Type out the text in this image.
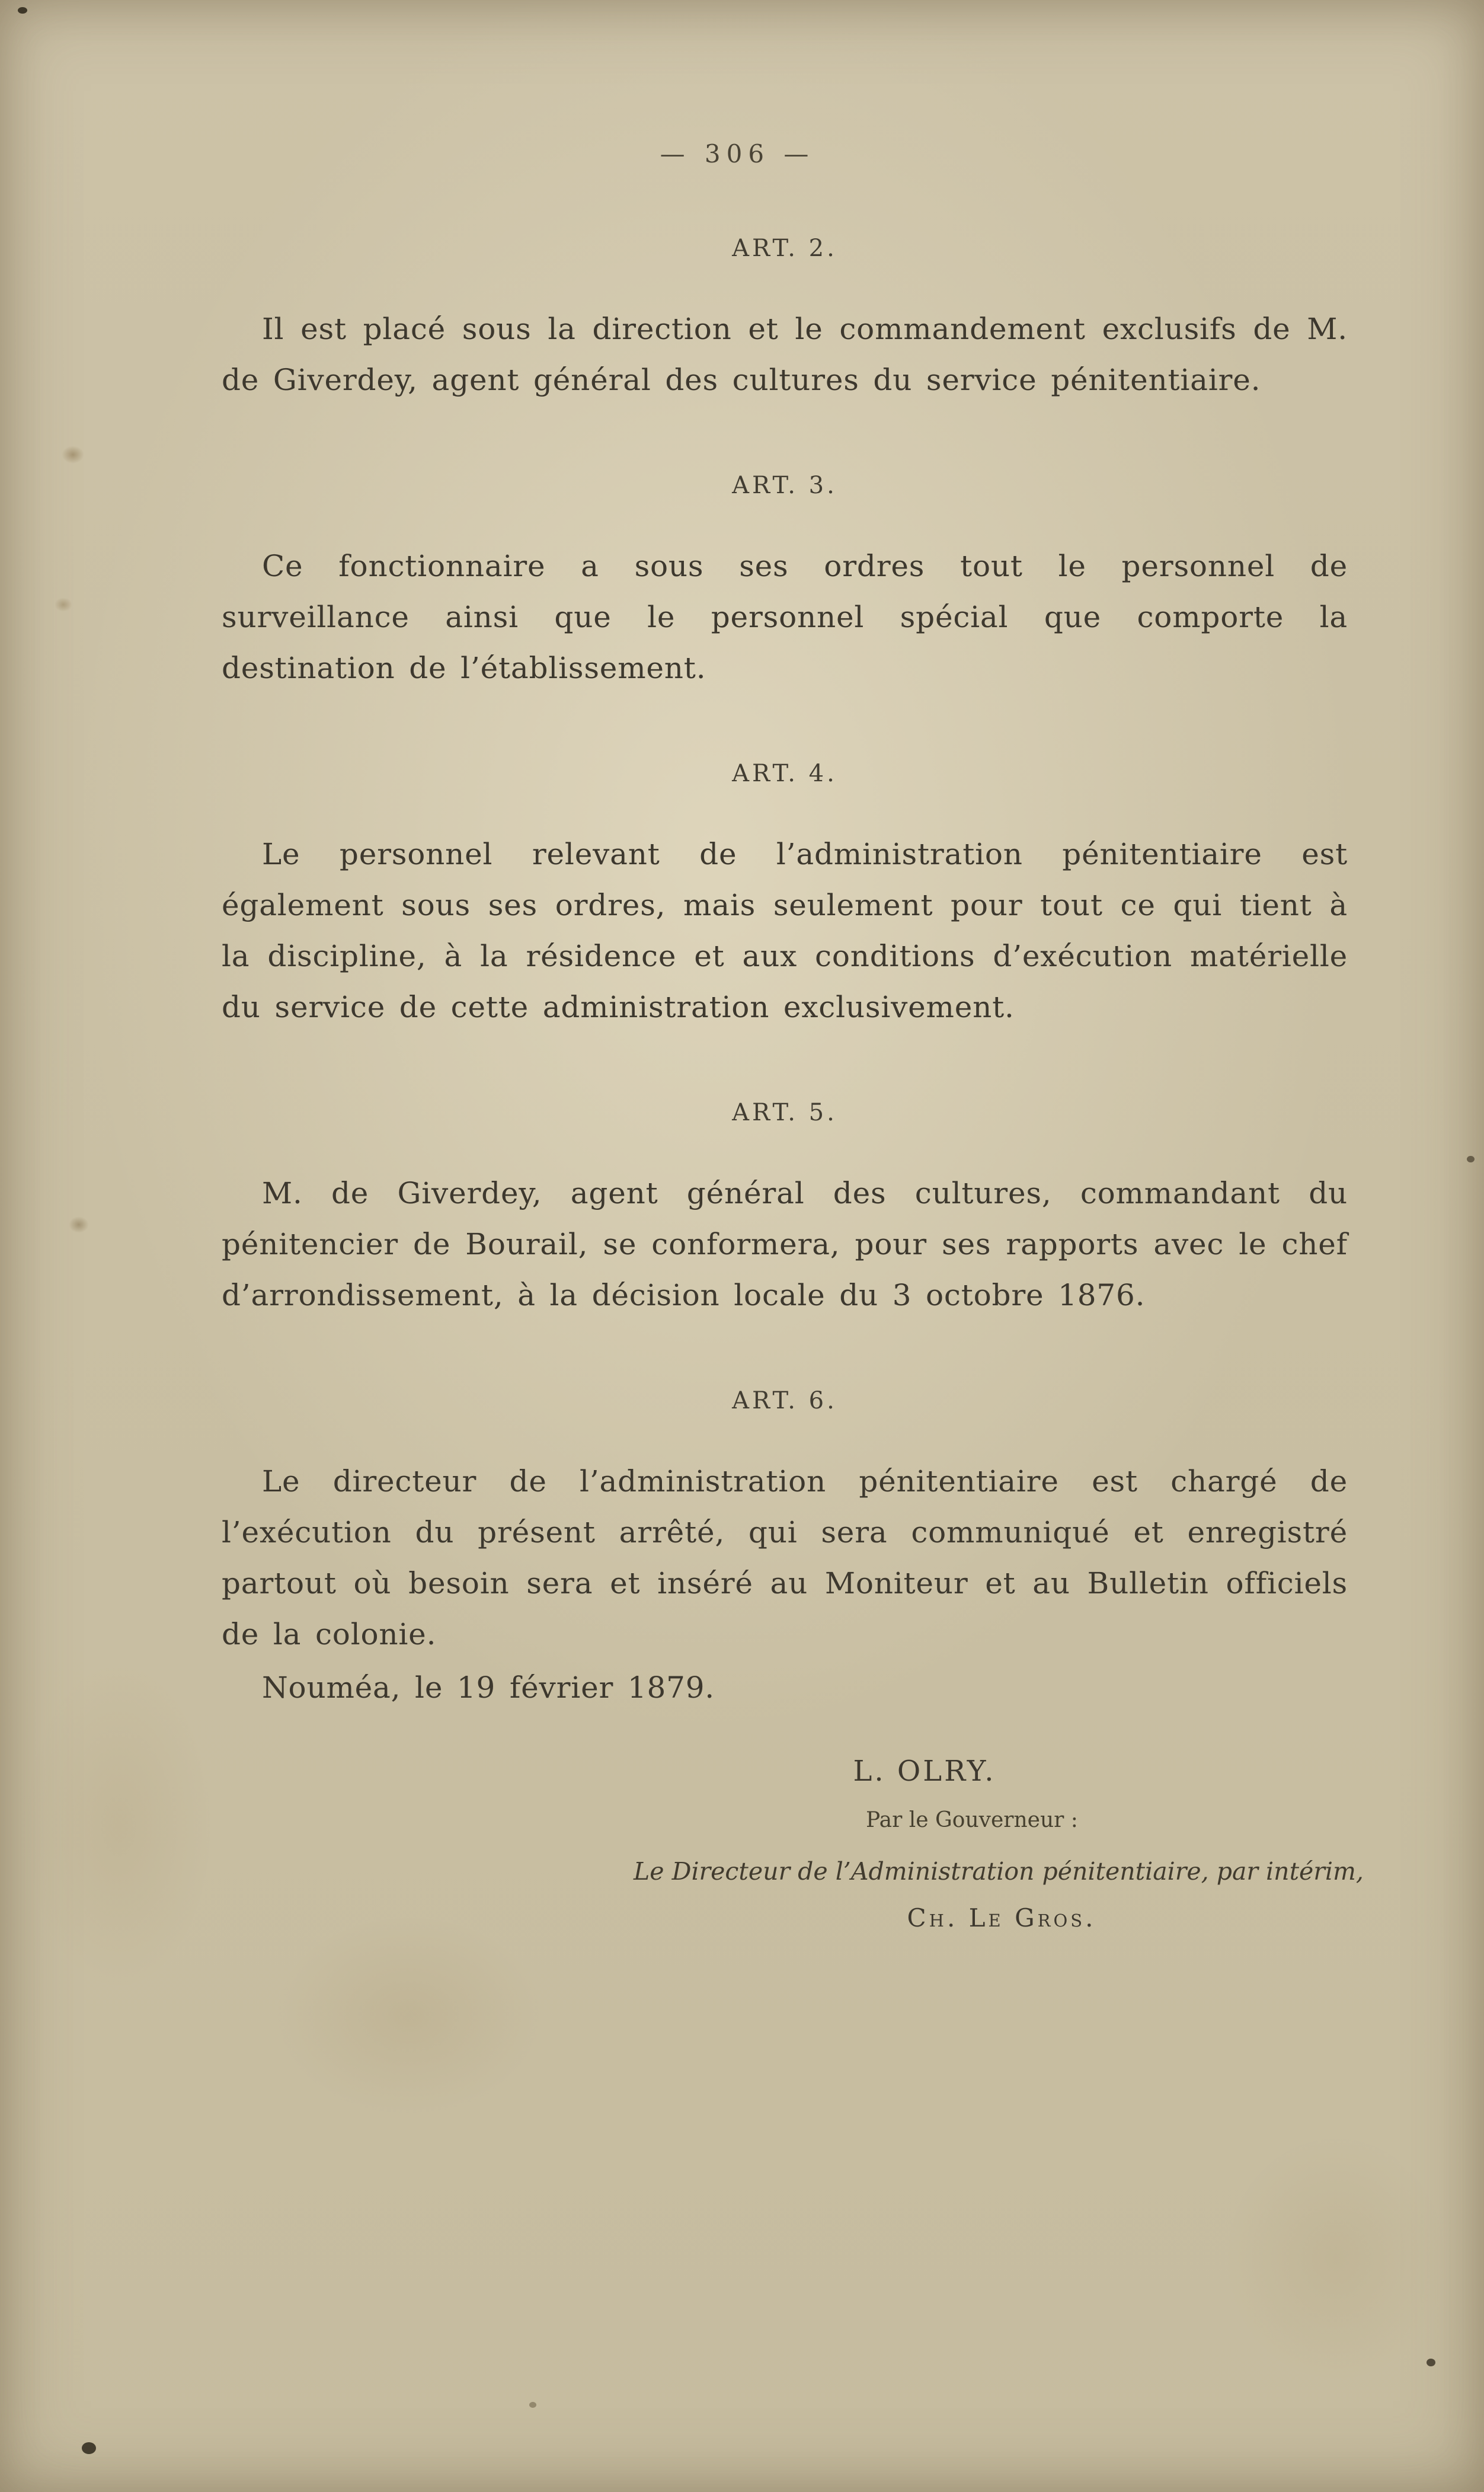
— 306 —
ART. 2.

Il est placé sous la direction et le commandement exclusifs de M. de Giverdey, agent général des cultures du service pénitentiaire.

ART. 3.

Ce fonctionnaire a sous ses ordres tout le personnel de surveillance ainsi que le personnel spécial que comporte la destination de l’établissement.

ART. 4.

Le personnel relevant de l’administration pénitentiaire est également sous ses ordres, mais seulement pour tout ce qui tient à la discipline, à la résidence et aux conditions d’exécution matérielle du service de cette administration exclusivement.

ART. 5.

M. de Giverdey, agent général des cultures, commandant du pénitencier de Bourail, se conformera, pour ses rapports avec le chef d’arrondissement, à la décision locale du 3 octobre 1876.

ART. 6.

Le directeur de l’administration pénitentiaire est chargé de l’exécution du présent arrêté, qui sera communiqué et enregistré partout où besoin sera et inséré au Moniteur et au Bulletin officiels de la colonie.

Nouméa, le 19 février 1879.

L. OLRY.
Par le Gouverneur :
Le Directeur de l’Administration pénitentiaire, par intérim,
Ch. Le Gros.
